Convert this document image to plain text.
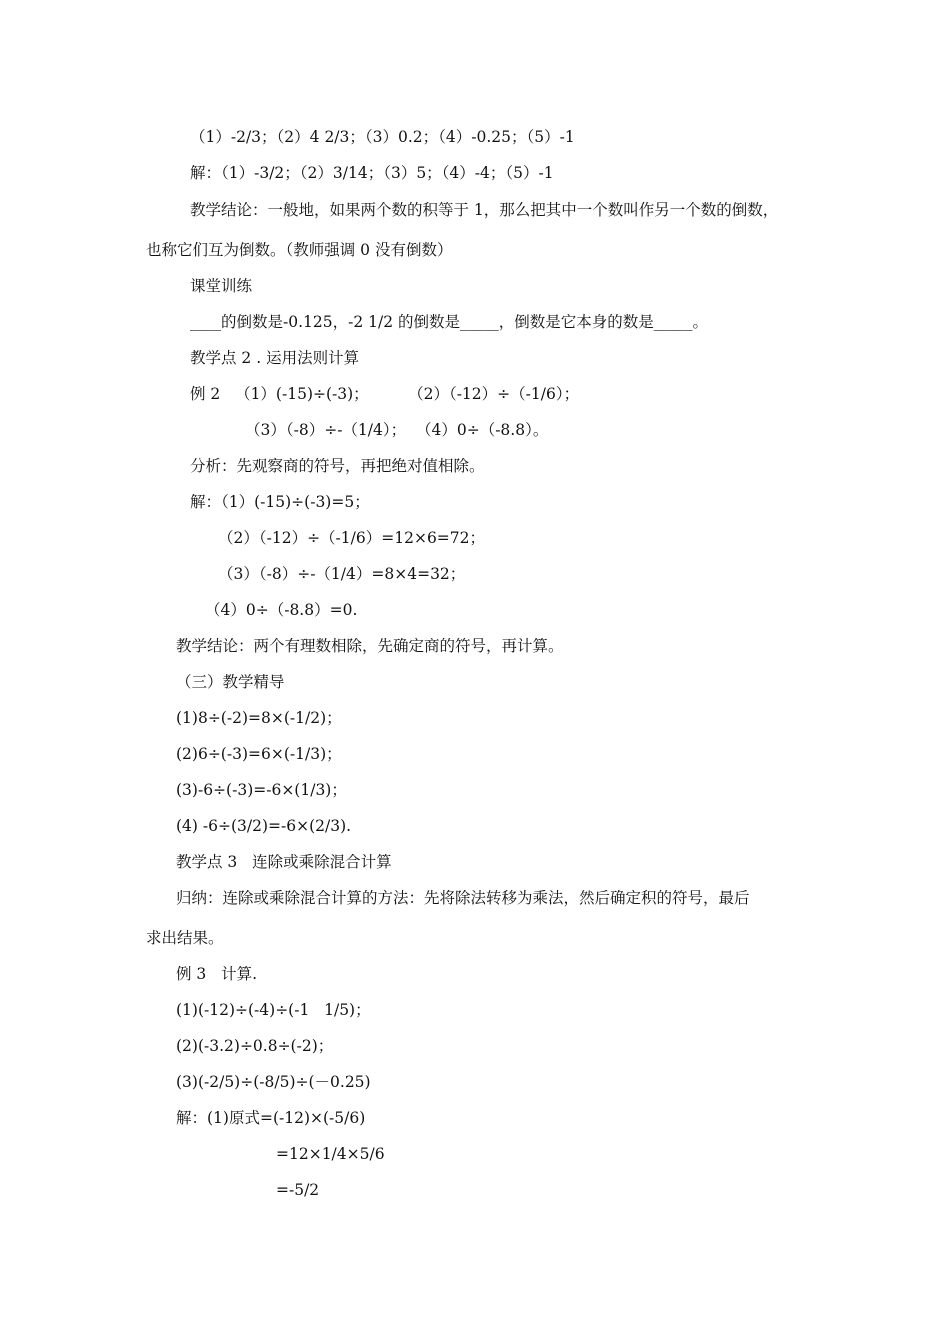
（1）-2/3；（2）4 2/3；（3）0.2；（4）-0.25；（5）-1
解：（1）-3/2；（2）3/14；（3）5；（4）-4；（5）-1
教学结论：一般地，如果两个数的积等于 1，那么把其中一个数叫作另一个数的倒数，
也称它们互为倒数。（教师强调 0 没有倒数）
课堂训练
____的倒数是-0.125，-2 1/2 的倒数是_____，倒数是它本身的数是_____。
教学点 2 . 运用法则计算
例 2   （1）(-15)÷(-3)；        （2）（-12）÷（-1/6）；
（3）（-8）÷-（1/4）；  （4）0÷（-8.8）。
分析：先观察商的符号，再把绝对值相除。
解：（1）(-15)÷(-3)=5；
（2）（-12）÷（-1/6）=12×6=72；
（3）（-8）÷-（1/4）=8×4=32；
（4）0÷（-8.8）=0.
教学结论：两个有理数相除，先确定商的符号，再计算。
（三）教学精导
(1)8÷(-2)=8×(-1/2)；
(2)6÷(-3)=6×(-1/3)；
(3)-6÷(-3)=-6×(1/3)；
(4) -6÷(3/2)=-6×(2/3).
教学点 3   连除或乘除混合计算
归纳：连除或乘除混合计算的方法：先将除法转移为乘法，然后确定积的符号，最后
求出结果。
例 3   计算.
(1)(-12)÷(-4)÷(-1   1/5)；
(2)(-3.2)÷0.8÷(-2)；
(3)(-2/5)÷(-8/5)÷(－0.25)
解：(1)原式=(-12)×(-5/6)
=12×1/4×5/6
=-5/2
